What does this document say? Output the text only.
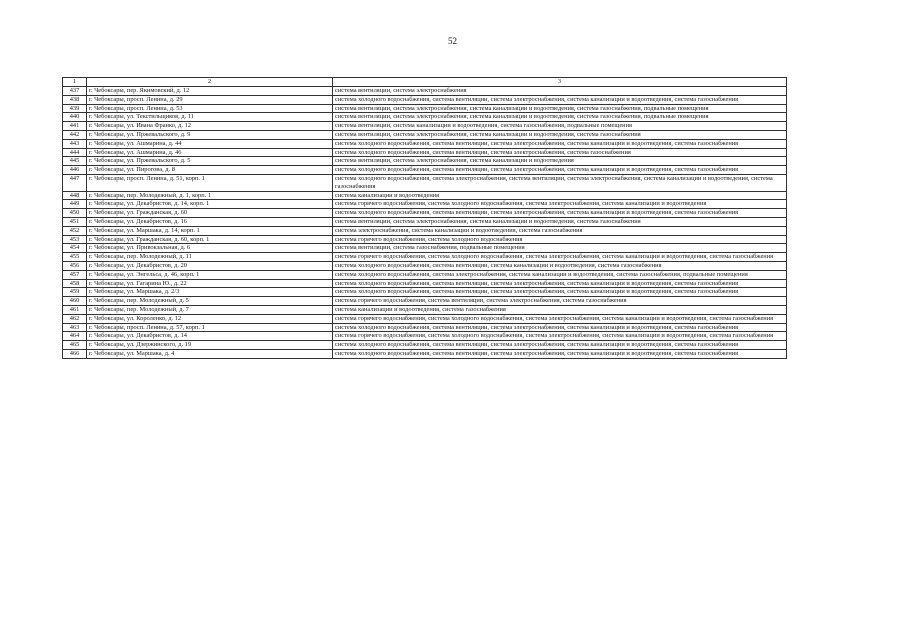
52
1	2	3
437	г. Чебоксары, пер. Якимовский, д. 12	система вентиляции, система электроснабжения
438	г. Чебоксары, просп. Ленина, д. 29	система холодного водоснабжения, система вентиляции, система электроснабжения, система канализации и водоотведения, система газоснабжения
439	г. Чебоксары, просп. Ленина, д. 53	система вентиляции, система электроснабжения, система канализации и водоотведения, система газоснабжения, подвальные помещения
440	г. Чебоксары, ул. Текстильщиков, д. 11	система вентиляции, система электроснабжения, система канализации и водоотведения, система газоснабжения, подвальные помещения
441	г. Чебоксары, ул. Ивана Франко, д. 12	система вентиляции, система канализации и водоотведения, система газоснабжения, подвальные помещения
442	г. Чебоксары, ул. Пржевальского, д. 9	система вентиляции, система электроснабжения, система канализации и водоотведения, система газоснабжения
443	г. Чебоксары, ул. Ашмарина, д. 44	система холодного водоснабжения, система вентиляции, система электроснабжения, система канализации и водоотведения, система газоснабжения
444	г. Чебоксары, ул. Ашмарина, д. 46	система холодного водоснабжения, система вентиляции, система электроснабжения, система газоснабжения
445	г. Чебоксары, ул. Пржевальского, д. 5	система вентиляции, система электроснабжения, система канализации и водоотведения
446	г. Чебоксары, ул. Пирогова, д. 8	система холодного водоснабжения, система вентиляции, система электроснабжения, система канализации и водоотведения, система газоснабжения
447	г. Чебоксары, просп. Ленина, д. 51, корп. 1	система холодного водоснабжения, система электроснабжения, система вентиляции, система электроснабжения, система канализации и водоотведения, система газоснабжения
448	г. Чебоксары, пер. Молодежный, д. 1, корп. 1	система канализации и водоотведения
449	г. Чебоксары, ул. Декабристов, д. 14, корп. 1	система горячего водоснабжения, система холодного водоснабжения, система электроснабжения, система канализации и водоотведения
450	г. Чебоксары, ул. Гражданская, д. 60	система холодного водоснабжения, система вентиляции, система электроснабжения, система канализации и водоотведения, система газоснабжения
451	г. Чебоксары, ул. Декабристов, д. 16	система вентиляции, система электроснабжения, система канализации и водоотведения, система газоснабжения
452	г. Чебоксары, ул. Маршака, д. 14, корп. 1	система электроснабжения, система канализации и водоотведения, система газоснабжения
453	г. Чебоксары, ул. Гражданская, д. 60, корп. 1	система горячего водоснабжения, система холодного водоснабжения
454	г. Чебоксары, ул. Привокзальная, д. 6	система вентиляции, система газоснабжения, подвальные помещения
455	г. Чебоксары, пер. Молодежный, д. 11	система горячего водоснабжения, система холодного водоснабжения, система электроснабжения, система канализации и водоотведения, система газоснабжения
456	г. Чебоксары, ул. Декабристов, д. 20	система холодного водоснабжения, система вентиляции, система канализации и водоотведения, система газоснабжения
457	г. Чебоксары, ул. Энгельса, д. 46, корп. 1	система холодного водоснабжения, система электроснабжения, система канализации и водоотведения, система газоснабжения, подвальные помещения
458	г. Чебоксары, ул. Гагарина Ю., д. 22	система холодного водоснабжения, система вентиляции, система электроснабжения, система канализации и водоотведения, система газоснабжения
459	г. Чебоксары, ул. Маршака, д. 2/3	система холодного водоснабжения, система вентиляции, система электроснабжения, система канализации и водоотведения, система газоснабжения
460	г. Чебоксары, пер. Молодежный, д. 5	система горячего водоснабжения, система вентиляции, система электроснабжения, система газоснабжения
461	г. Чебоксары, пер. Молодежный, д. 7	система канализации и водоотведения, система газоснабжения
462	г. Чебоксары, ул. Короленко, д. 12	система горячего водоснабжения, система холодного водоснабжения, система электроснабжения, система канализации и водоотведения, система газоснабжения
463	г. Чебоксары, просп. Ленина, д. 57, корп. 1	система холодного водоснабжения, система вентиляции, система электроснабжения, система канализации и водоотведения, система газоснабжения
464	г. Чебоксары, ул. Декабристов, д. 14	система горячего водоснабжения, система холодного водоснабжения, система электроснабжения, система канализации и водоотведения, система газоснабжения
465	г. Чебоксары, ул. Дзержинского, д. 19	система холодного водоснабжения, система вентиляции, система электроснабжения, система канализации и водоотведения, система газоснабжения
466	г. Чебоксары, ул. Маршака, д. 4	система холодного водоснабжения, система вентиляции, система электроснабжения, система канализации и водоотведения, система газоснабжения
